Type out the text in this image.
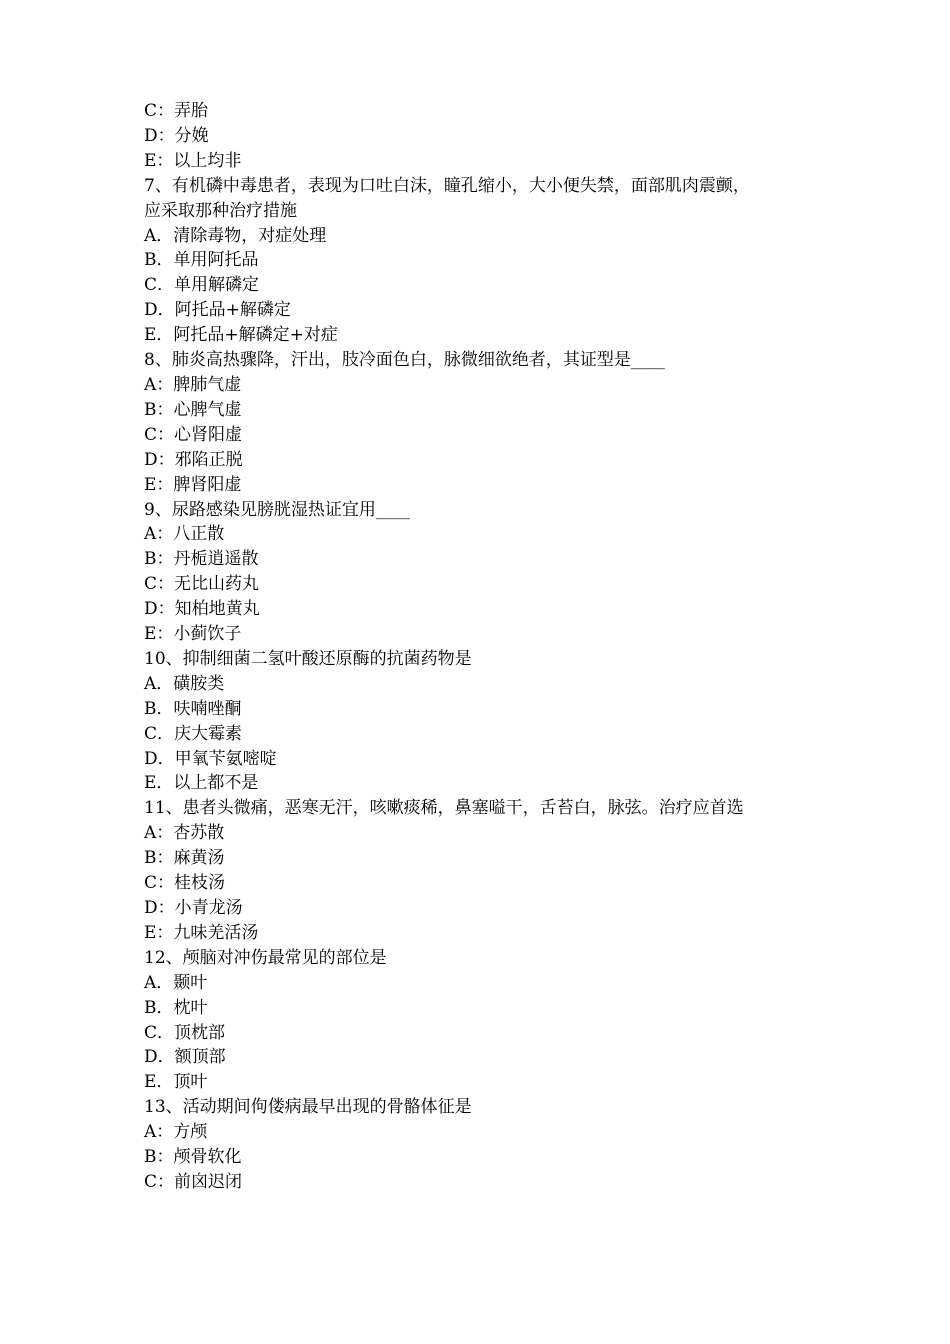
C：弄胎
D：分娩
E：以上均非
7、有机磷中毒患者，表现为口吐白沫，瞳孔缩小，大小便失禁，面部肌肉震颤，
应采取那种治疗措施
A．清除毒物，对症处理
B．单用阿托品
C．单用解磷定
D．阿托品+解磷定
E．阿托品+解磷定+对症
8、肺炎高热骤降，汗出，肢冷面色白，脉微细欲绝者，其证型是____
A：脾肺气虚
B：心脾气虚
C：心肾阳虚
D：邪陷正脱
E：脾肾阳虚
9、尿路感染见膀胱湿热证宜用____
A：八正散
B：丹栀逍遥散
C：无比山药丸
D：知柏地黄丸
E：小蓟饮子
10、抑制细菌二氢叶酸还原酶的抗菌药物是
A．磺胺类
B．呋喃唑酮
C．庆大霉素
D．甲氧苄氨嘧啶
E．以上都不是
11、患者头微痛，恶寒无汗，咳嗽痰稀，鼻塞嗌干，舌苔白，脉弦。治疗应首选
A：杏苏散
B：麻黄汤
C：桂枝汤
D：小青龙汤
E：九味羌活汤
12、颅脑对冲伤最常见的部位是
A．颞叶
B．枕叶
C．顶枕部
D．额顶部
E．顶叶
13、活动期间佝偻病最早出现的骨骼体征是
A：方颅
B：颅骨软化
C：前囟迟闭
